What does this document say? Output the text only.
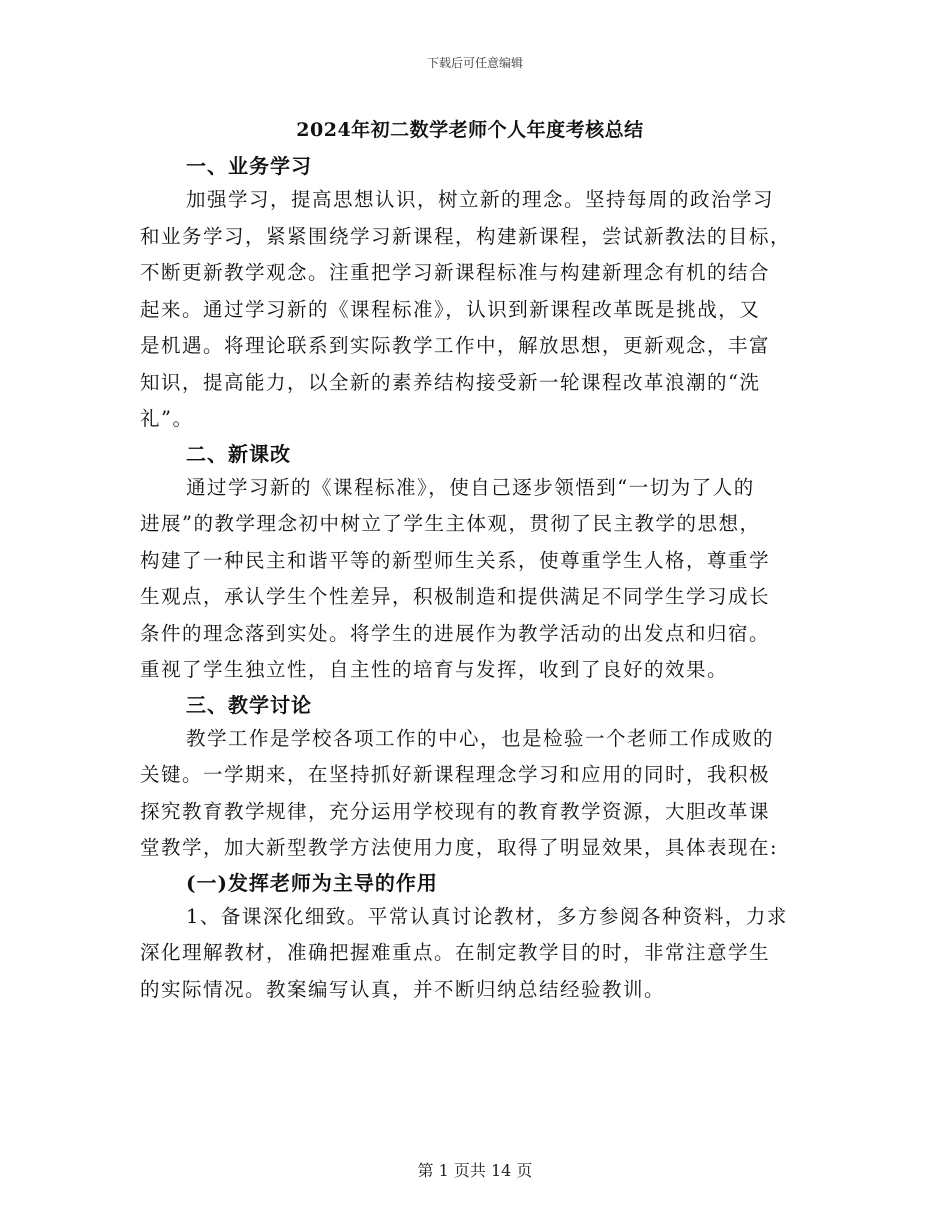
下载后可任意编辑
2024年初二数学老师个人年度考核总结
一、业务学习
加强学习，提高思想认识，树立新的理念。坚持每周的政治学习
和业务学习，紧紧围绕学习新课程，构建新课程，尝试新教法的目标，
不断更新教学观念。注重把学习新课程标准与构建新理念有机的结合
起来。通过学习新的《课程标准》，认识到新课程改革既是挑战，又
是机遇。将理论联系到实际教学工作中，解放思想，更新观念，丰富
知识，提高能力，以全新的素养结构接受新一轮课程改革浪潮的“洗
礼”。
二、新课改
通过学习新的《课程标准》，使自己逐步领悟到“一切为了人的
进展”的教学理念初中树立了学生主体观，贯彻了民主教学的思想，
构建了一种民主和谐平等的新型师生关系，使尊重学生人格，尊重学
生观点，承认学生个性差异，积极制造和提供满足不同学生学习成长
条件的理念落到实处。将学生的进展作为教学活动的出发点和归宿。
重视了学生独立性，自主性的培育与发挥，收到了良好的效果。
三、教学讨论
教学工作是学校各项工作的中心，也是检验一个老师工作成败的
关键。一学期来，在坚持抓好新课程理念学习和应用的同时，我积极
探究教育教学规律，充分运用学校现有的教育教学资源，大胆改革课
堂教学，加大新型教学方法使用力度，取得了明显效果，具体表现在:
(一)发挥老师为主导的作用
1、备课深化细致。平常认真讨论教材，多方参阅各种资料，力求
深化理解教材，准确把握难重点。在制定教学目的时，非常注意学生
的实际情况。教案编写认真，并不断归纳总结经验教训。
第 1 页共 14 页
